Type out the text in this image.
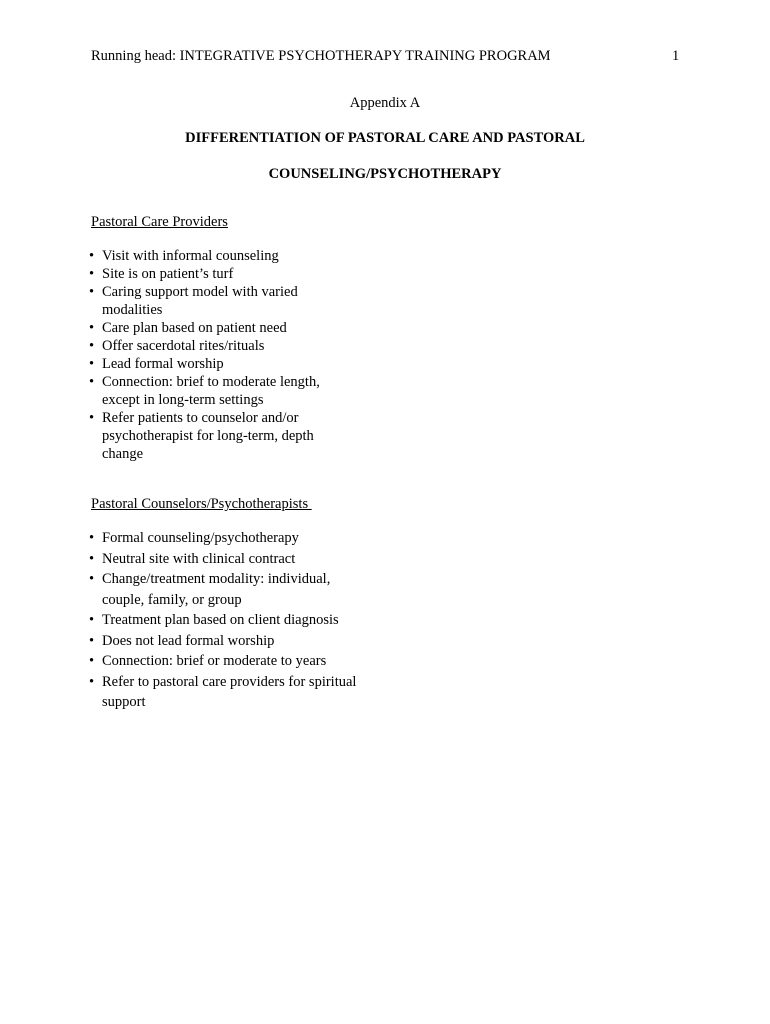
Running head: INTEGRATIVE PSYCHOTHERAPY TRAINING PROGRAM	1
Appendix A
DIFFERENTIATION OF PASTORAL CARE AND PASTORAL
COUNSELING/PSYCHOTHERAPY
Pastoral Care Providers
• Visit with informal counseling
• Site is on patient’s turf
• Caring support model with varied modalities
• Care plan based on patient need
• Offer sacerdotal rites/rituals
• Lead formal worship
• Connection: brief to moderate length, except in long-term settings
• Refer patients to counselor and/or psychotherapist for long-term, depth change
Pastoral Counselors/Psychotherapists
• Formal counseling/psychotherapy
• Neutral site with clinical contract
• Change/treatment modality: individual, couple, family, or group
• Treatment plan based on client diagnosis
• Does not lead formal worship
• Connection: brief or moderate to years
• Refer to pastoral care providers for spiritual support
